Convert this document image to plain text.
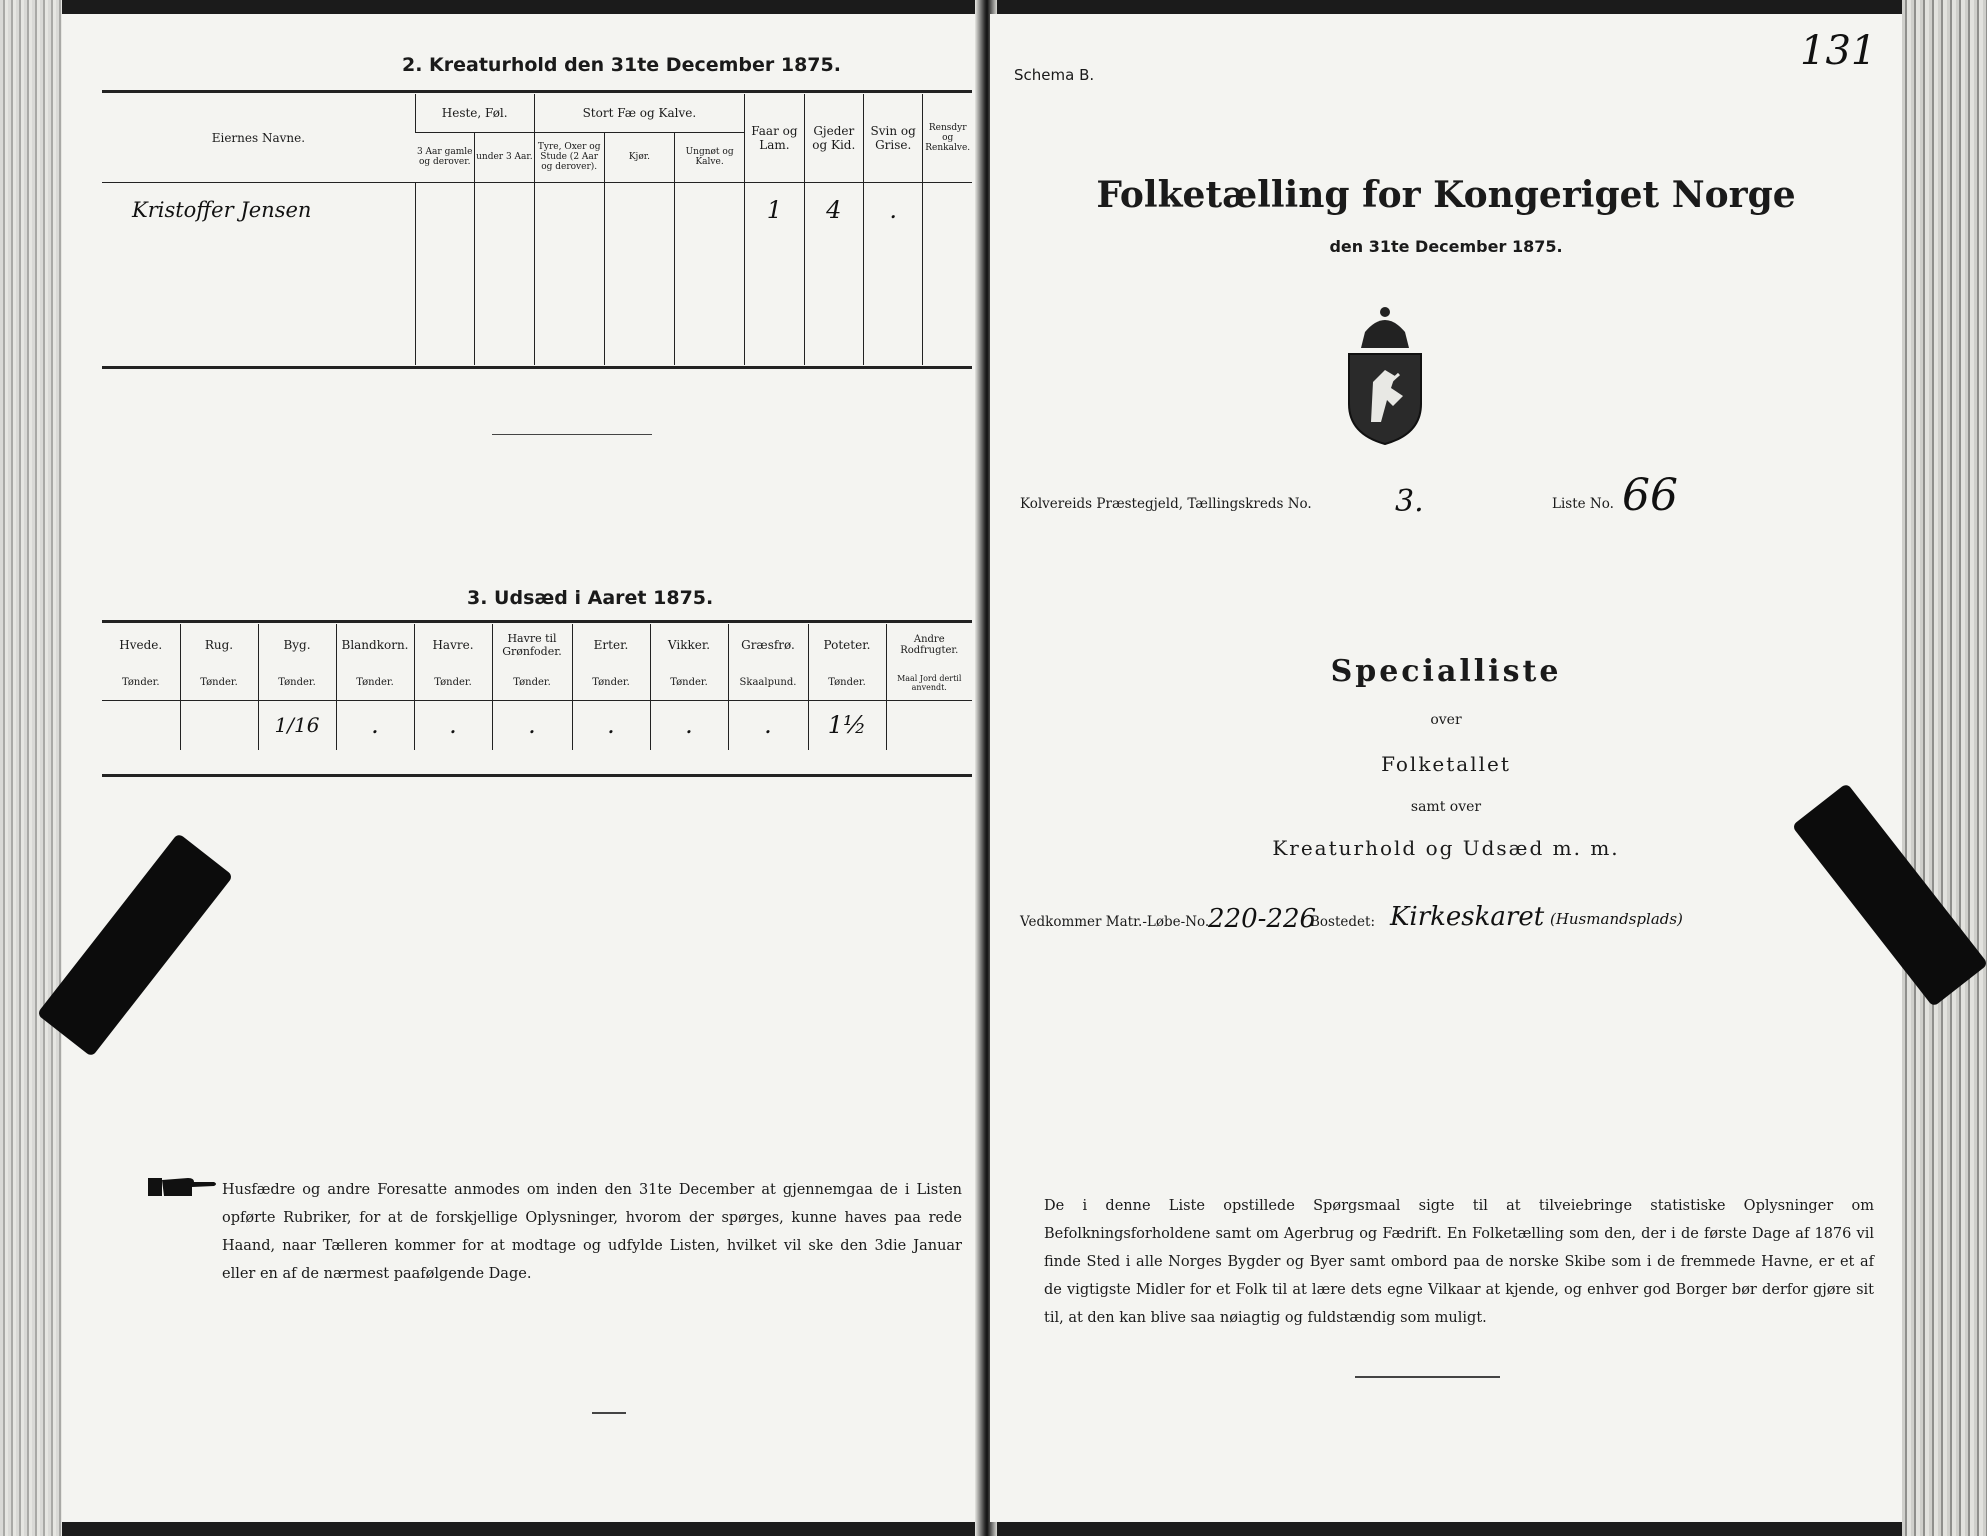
2. Kreaturhold den 31te December 1875.
Eiernes Navne.	Heste, Føl.		Stort Fæ og Kalve.			Faar og Lam.	Gjeder og Kid.	Svin og Grise.	Rensdyr og Renkalve.
	3 Aar gamle og derover.	under 3 Aar.	Tyre, Oxer og Stude (2 Aar og derover).	Kjør.	Ungnøt og Kalve.				
Kristoffer Jensen						1	4	.	

3. Udsæd i Aaret 1875.
Hvede.	Rug.	Byg.	Blandkorn.	Havre.	Havre til Grønfoder.	Erter.	Vikker.	Græsfrø.	Poteter.	Andre Rodfrugter.
Tønder.	Tønder.	Tønder.	Tønder.	Tønder.	Tønder.	Tønder.	Tønder.	Skaalpund.	Tønder.	Maal Jord dertil anvendt.
		1/16	.	.	.	.	.	.	1½	
Husfædre og andre Foresatte anmodes om inden den 31te December at gjennemgaa de i Listen opførte Rubriker, for at de forskjellige Oplysninger, hvorom der spørges, kunne haves paa rede Haand, naar Tælleren kommer for at modtage og udfylde Listen, hvilket vil ske den 3die Januar eller en af de nærmest paafølgende Dage.
Schema B.
131
Folketælling for Kongeriget Norge
den 31te December 1875.
Kolvereids Præstegjeld, Tællingskreds No.	3.	Liste No. 66
Specialliste
over
Folketallet
samt over
Kreaturhold og Udsæd m. m.
Vedkommer Matr.-Løbe-No.
220-226
Bostedet: Kirkeskaret (Husmandsplads)
De i denne Liste opstillede Spørgsmaal sigte til at tilveiebringe statistiske Oplysninger om Befolkningsforholdene samt om Agerbrug og Fædrift. En Folketælling som den, der i de første Dage af 1876 vil finde Sted i alle Norges Bygder og Byer samt ombord paa de norske Skibe som i de fremmede Havne, er et af de vigtigste Midler for et Folk til at lære dets egne Vilkaar at kjende, og enhver god Borger bør derfor gjøre sit til, at den kan blive saa nøiagtig og fuldstændig som muligt.
